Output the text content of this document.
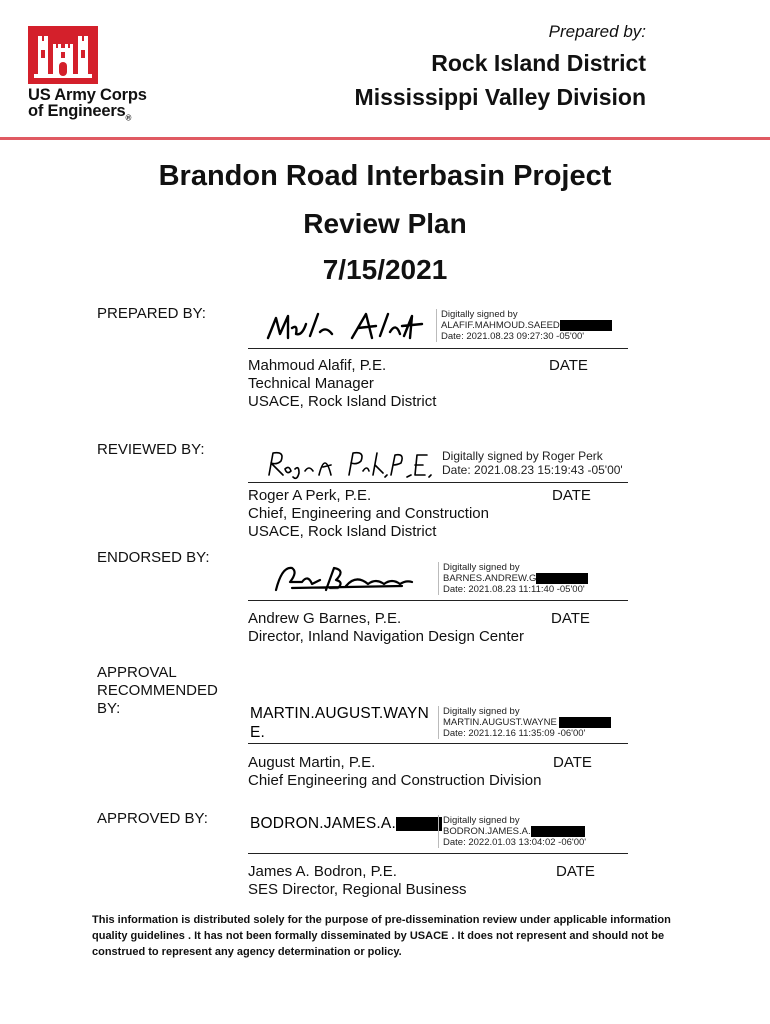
US Army Corps
of Engineers$_®$
Prepared by:
Rock Island District
Mississippi Valley Division
Brandon Road Interbasin Project
Review Plan
7/15/2021
PREPARED BY:	Digitally signed by
ALAFIF.MAHMOUD.SAEED
Date: 2021.08.23 09:27:30 -05'00'
Mahmoud Alafif, P.E.
Technical Manager
USACE, Rock Island District
DATE
REVIEWED BY:	Digitally signed by Roger Perk
Date: 2021.08.23 15:19:43 -05'00'
Roger A Perk, P.E.
Chief, Engineering and Construction
USACE, Rock Island District
DATE
ENDORSED BY:
Digitally signed by
BARNES.ANDREW.G
Date: 2021.08.23 11:11:40 -05'00'
Andrew G Barnes, P.E.
Director, Inland Navigation Design Center
DATE
APPROVAL
RECOMMENDED
BY:	MARTIN.AUGUST.WAYN
E.
Digitally signed by
MARTIN.AUGUST.WAYNE
Date: 2021.12.16 11:35:09 -06'00'
August Martin, P.E.
Chief Engineering and Construction Division
DATE
APPROVED BY:	BODRON.JAMES.A.	Digitally signed by
BODRON.JAMES.A.
Date: 2022.01.03 13:04:02 -06'00'
James A. Bodron, P.E.
SES Director, Regional Business
DATE
This information is distributed solely for the purpose of pre-dissemination review under applicable information
quality guidelines . It has not been formally disseminated by USACE . It does not represent and should not be
construed to represent any agency determination or policy.
